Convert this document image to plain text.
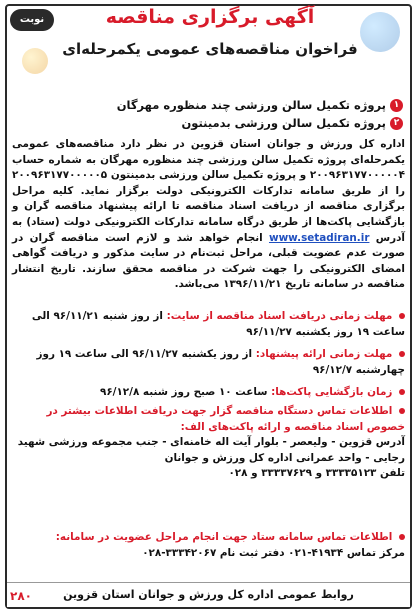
نوبت اول
آگهی برگزاری مناقصه
فراخوان مناقصه‌های عمومی یکمرحله‌ای
۱
پروژه تکمیل سالن ورزشی چند منظوره مهرگان
۲
پروژه تکمیل سالن ورزشی بدمینتون

اداره کل ورزش و جوانان استان قزوین در نظر دارد مناقصه‌های عمومی یکمرحله‌ای پروژه تکمیل سالن ورزشی چند منظوره مهرگان به شماره حساب ۲۰۰۹۶۳۱۷۷۰۰۰۰۰۴ و پروژه تکمیل سالن ورزشی بدمینتون ۲۰۰۹۶۳۱۷۷۰۰۰۰۰۵ را از طریق سامانه تدارکات الکترونیکی دولت برگزار نماید. کلیه مراحل برگزاری مناقصه از دریافت اسناد مناقصه تا ارائه پیشنهاد مناقصه گران و بازگشایی پاکت‌ها از طریق درگاه سامانه تدارکات الکترونیکی دولت (ستاد) به آدرس www.setadiran.ir انجام خواهد شد و لازم است مناقصه گران در صورت عدم عضویت قبلی، مراحل ثبت‌نام در سایت مذکور و دریافت گواهی امضای الکترونیکی را جهت شرکت در مناقصه محقق سازند. تاریخ انتشار مناقصه در سامانه تاریخ ۱۳۹۶/۱۱/۲۱ می‌باشد.

مهلت زمانی دریافت اسناد مناقصه از سایت: از روز شنبه ۹۶/۱۱/۲۱ الی ساعت ۱۹ روز یکشنبه ۹۶/۱۱/۲۷
مهلت زمانی ارائه پیشنهاد: از روز یکشنبه ۹۶/۱۱/۲۷ الی ساعت ۱۹ روز چهارشنبه ۹۶/۱۲/۷
زمان بازگشایی پاکت‌ها: ساعت ۱۰ صبح روز شنبه ۹۶/۱۲/۸
اطلاعات تماس دستگاه مناقصه گزار جهت دریافت اطلاعات بیشتر در خصوص اسناد مناقصه و ارائه پاکت‌های الف:
آدرس قزوین - ولیعصر - بلوار آیت اله خامنه‌ای - جنب مجموعه ورزشی شهید رجایی - واحد عمرانی اداره کل ورزش و جوانان
تلفن ۳۳۳۳۵۱۲۳ و ۳۳۳۳۷۶۲۹ و ۰۲۸
اطلاعات تماس سامانه ستاد جهت انجام مراحل عضویت در سامانه:
مرکز تماس ۴۱۹۳۴-۰۲۱ دفتر ثبت نام ۳۳۳۴۲۰۶۷-۰۲۸
روابط عمومی اداره کل ورزش و جوانان استان قزوین
۲۸۰
